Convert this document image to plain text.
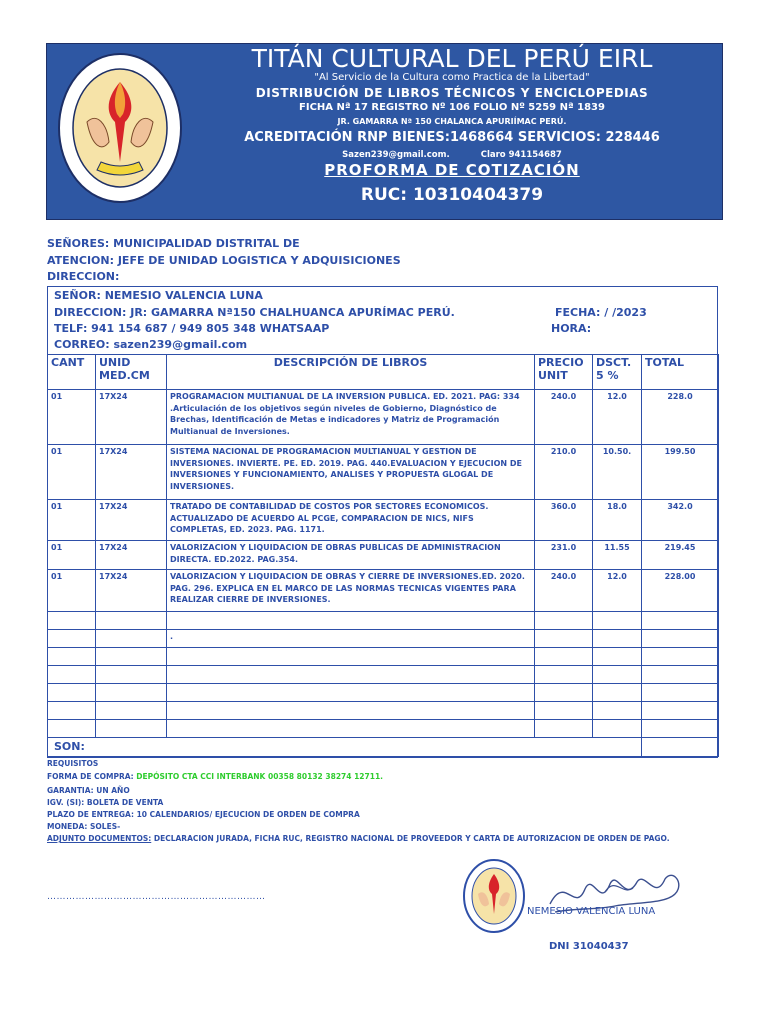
TITÁN CULTURAL DEL PERÚ EIRL
"Al Servicio de la Cultura como Practica de la Libertad"
DISTRIBUCIÓN DE LIBROS TÉCNICOS Y ENCICLOPEDIAS
FICHA Nª 17 REGISTRO Nº 106 FOLIO Nº 5259 Nª 1839
JR. GAMARRA Nª 150 CHALANCA APURIÍMAC PERÚ.
ACREDITACIÓN RNP BIENES:1468664 SERVICIOS: 228446
Sazen239@gmail.com.	Claro 941154687
PROFORMA DE COTIZACIÓN
RUC: 10310404379
SEÑORES: MUNICIPALIDAD DISTRITAL DE
ATENCION: JEFE DE UNIDAD LOGISTICA Y ADQUISICIONES
DIRECCION:
SEÑOR: NEMESIO VALENCIA LUNA
DIRECCION: JR: GAMARRA Nª150 CHALHUANCA APURÍMAC PERÚ.	FECHA: / /2023
TELF: 941 154 687 / 949 805 348 WHATSAAP	HORA:
CORREO: sazen239@gmail.com
CANT	UNID MED.CM	DESCRIPCIÓN DE LIBROS	PRECIO UNIT	DSCT. 5 %	TOTAL
01	17X24	PROGRAMACION MULTIANUAL DE LA INVERSION PUBLICA. ED. 2021. PAG: 334 .Articulación de los objetivos según niveles de Gobierno, Diagnóstico de Brechas, Identificación de Metas e indicadores y Matriz de Programación Multianual de Inversiones.	240.0	12.0	228.0
01	17X24	SISTEMA NACIONAL DE PROGRAMACION MULTIANUAL Y GESTION DE INVERSIONES. INVIERTE. PE. ED. 2019. PAG. 440.EVALUACION Y EJECUCION DE INVERSIONES Y FUNCIONAMIENTO, ANALISES Y PROPUESTA GLOGAL DE INVERSIONES.	210.0	10.50.	199.50
01	17X24	TRATADO DE CONTABILIDAD DE COSTOS POR SECTORES ECONOMICOS. ACTUALIZADO DE ACUERDO AL PCGE, COMPARACION DE NICS, NIFS COMPLETAS, ED. 2023. PAG. 1171.	360.0	18.0	342.0
01	17X24	VALORIZACION Y LIQUIDACION DE OBRAS PUBLICAS DE ADMINISTRACION DIRECTA. ED.2022. PAG.354.	231.0	11.55	219.45
01	17X24	VALORIZACION Y LIQUIDACION DE OBRAS Y CIERRE DE INVERSIONES.ED. 2020. PAG. 296. EXPLICA EN EL MARCO DE LAS NORMAS TECNICAS VIGENTES PARA REALIZAR CIERRE DE INVERSIONES.	240.0	12.0	228.00

		.			

SON:					
REQUISITOS
FORMA DE COMPRA: DEPÓSITO CTA CCI INTERBANK 00358 80132 38274 12711.
GARANTIA: UN AÑO
IGV. (SI): BOLETA DE VENTA
PLAZO DE ENTREGA: 10 CALENDARIOS/ EJECUCION DE ORDEN DE COMPRA
MONEDA: SOLES-
ADJUNTO DOCUMENTOS: DECLARACION JURADA, FICHA RUC, REGISTRO NACIONAL DE PROVEEDOR Y CARTA DE AUTORIZACION DE ORDEN DE PAGO.
……………………………………………………………
NEMESIO VALENCIA LUNA
DNI 31040437
